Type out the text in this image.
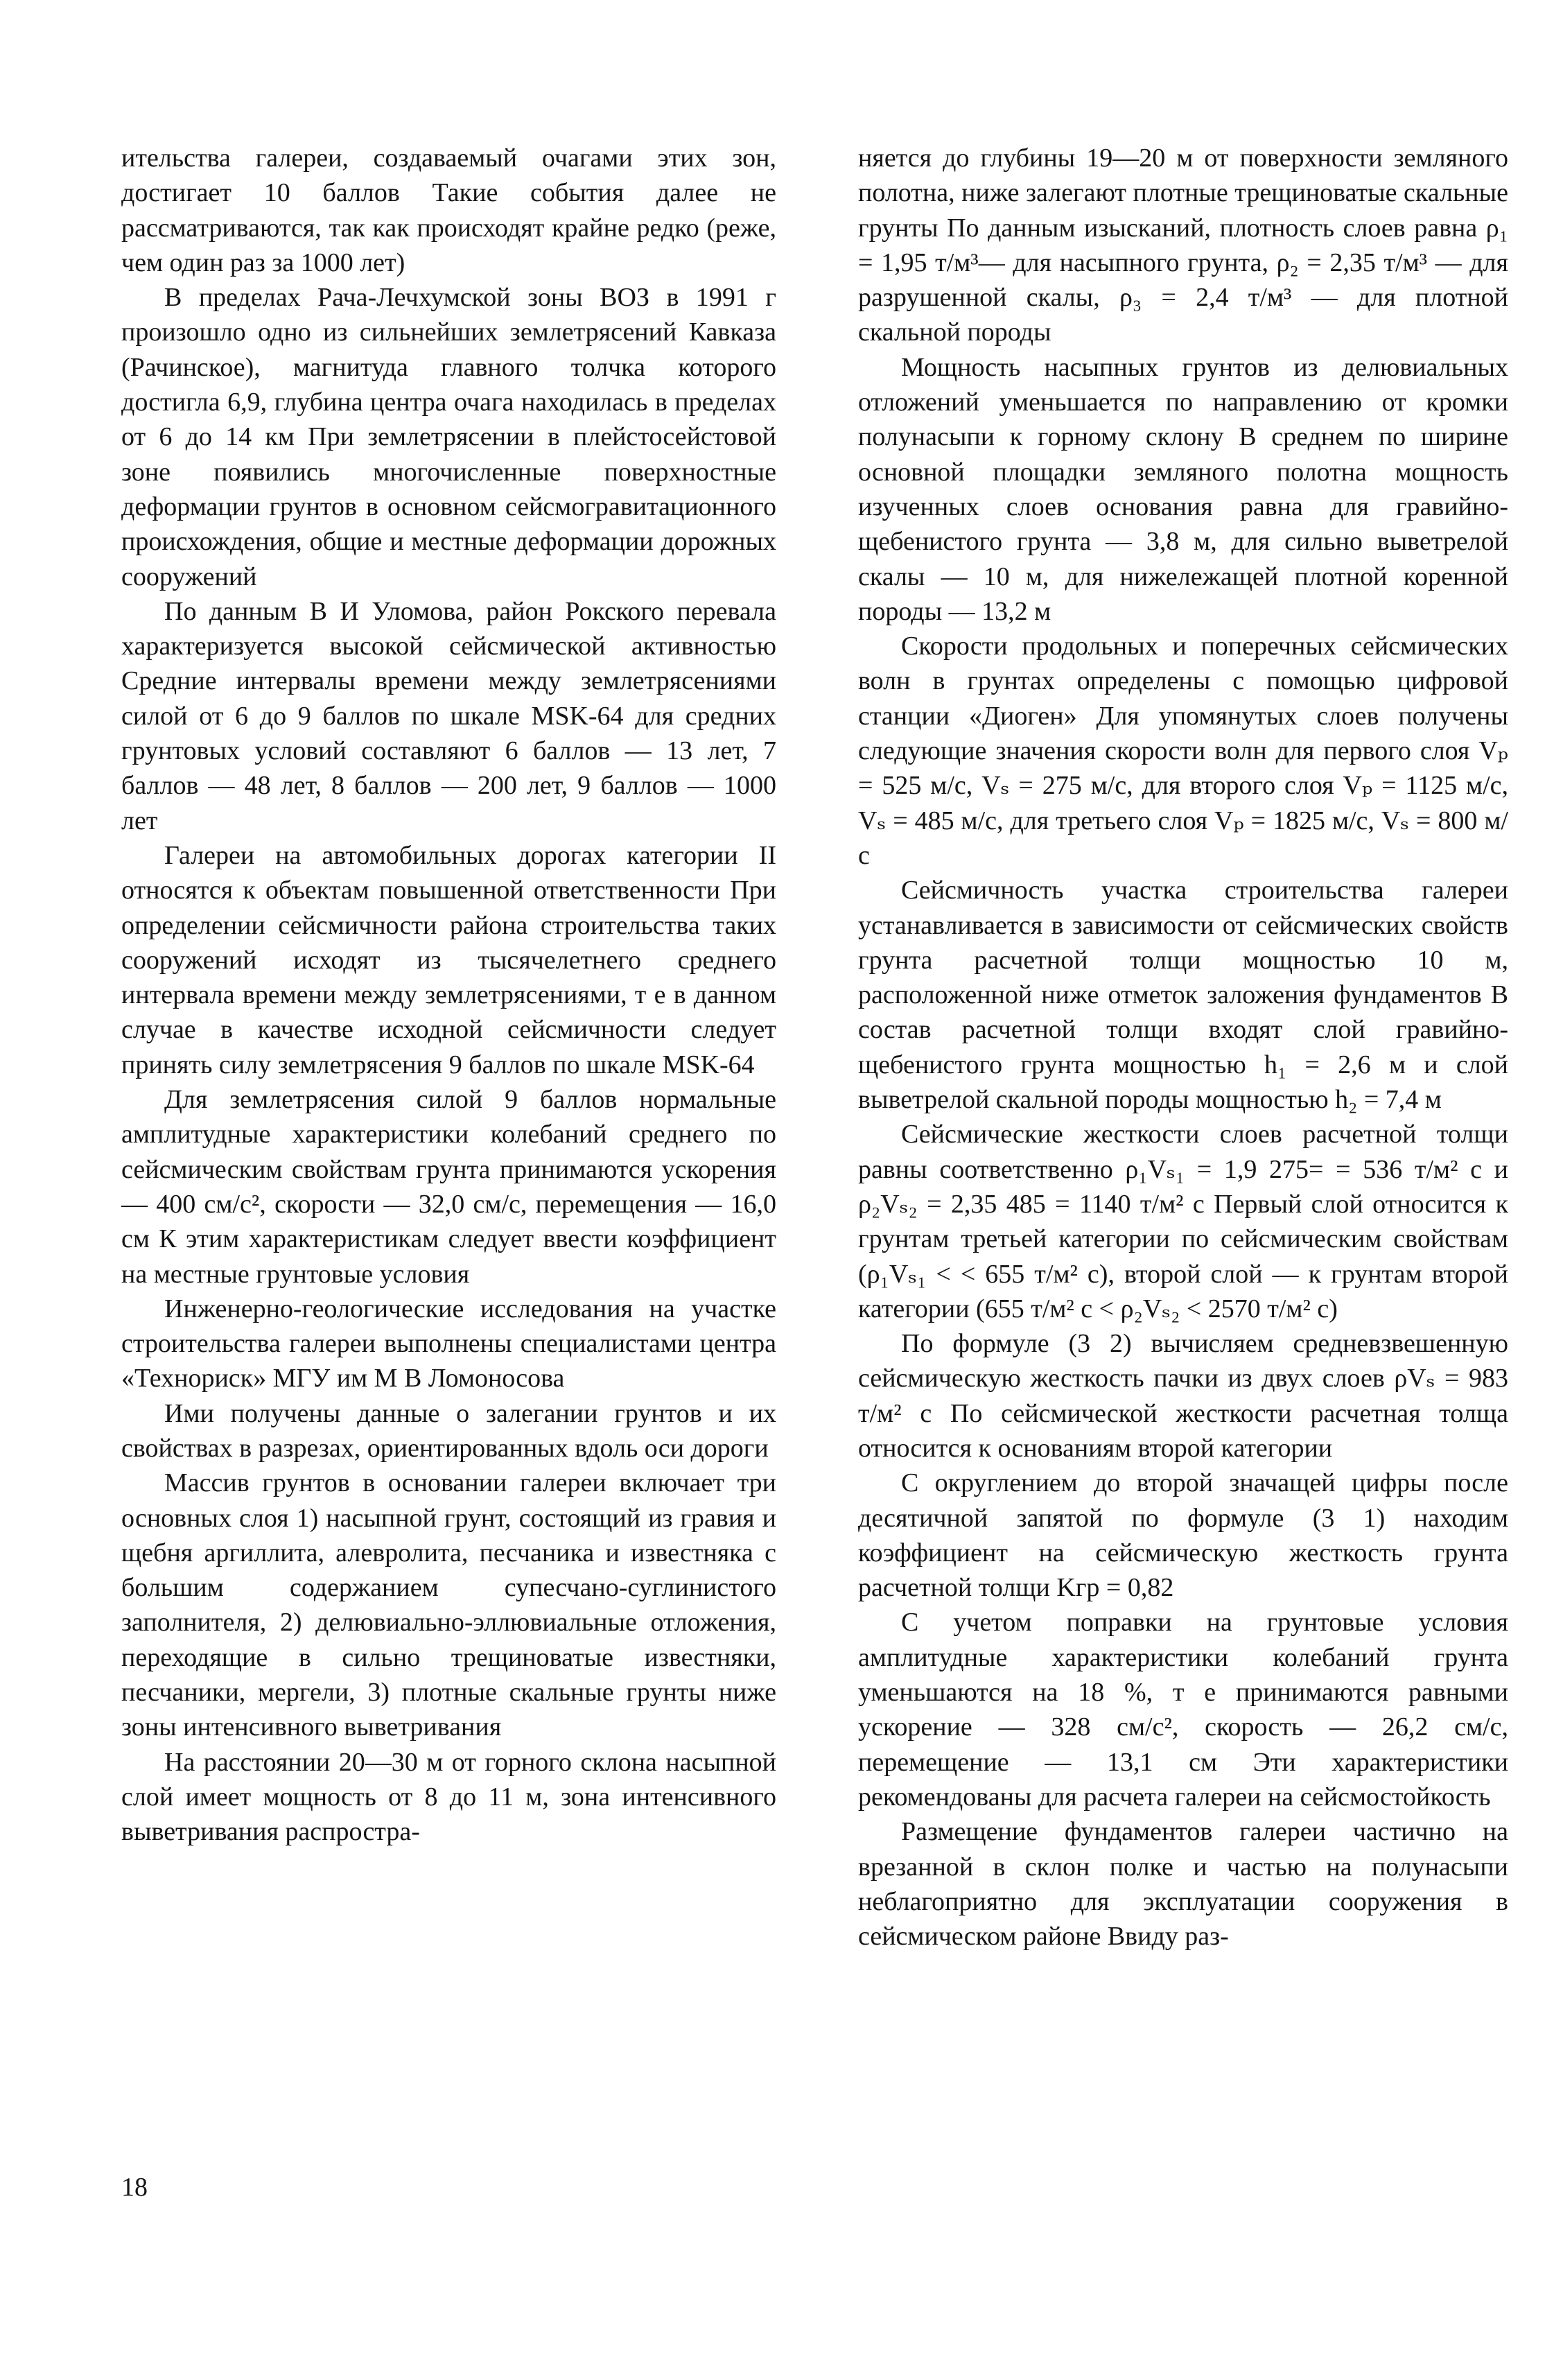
ительства галереи, создаваемый очагами этих зон, достигает 10 баллов Такие события далее не рассматриваются, так как происходят крайне редко (реже, чем один раз за 1000 лет)

В пределах Рача-Лечхумской зоны ВОЗ в 1991 г произошло одно из сильнейших землетрясений Кавказа (Рачинское), магнитуда главного толчка которого достигла 6,9, глубина центра очага находилась в пределах от 6 до 14 км При землетрясении в плейстосейстовой зоне появились многочисленные поверхностные деформации грунтов в основном сейсмогравитационного происхождения, общие и местные деформации дорожных сооружений

По данным В И Уломова, район Рокского перевала характеризуется высокой сейсмической активностью Средние интервалы времени между землетрясениями силой от 6 до 9 баллов по шкале MSK-64 для средних грунтовых условий составляют 6 баллов — 13 лет, 7 баллов — 48 лет, 8 баллов — 200 лет, 9 баллов — 1000 лет

Галереи на автомобильных дорогах категории II относятся к объектам повышенной ответственности При определении сейсмичности района строительства таких сооружений исходят из тысячелетнего среднего интервала времени между землетрясениями, т е в данном случае в качестве исходной сейсмичности следует принять силу землетрясения 9 баллов по шкале MSK-64

Для землетрясения силой 9 баллов нормальные амплитудные характеристики колебаний среднего по сейсмическим свойствам грунта принимаются ускорения — 400 см/с², скорости — 32,0 см/с, перемещения — 16,0 см К этим характеристикам следует ввести коэффициент на местные грунтовые условия

Инженерно-геологические исследования на участке строительства галереи выполнены специалистами центра «Технориск» МГУ им М В Ломоносова

Ими получены данные о залегании грунтов и их свойствах в разрезах, ориентированных вдоль оси дороги

Массив грунтов в основании галереи включает три основных слоя 1) насыпной грунт, состоящий из гравия и щебня аргиллита, алевролита, песчаника и известняка с большим содержанием супесчано-суглинистого заполнителя, 2) делювиально-эллювиальные отложения, переходящие в сильно трещиноватые известняки, песчаники, мергели, 3) плотные скальные грунты ниже зоны интенсивного выветривания

На расстоянии 20—30 м от горного склона насыпной слой имеет мощность от 8 до 11 м, зона интенсивного выветривания распростра-

няется до глубины 19—20 м от поверхности земляного полотна, ниже залегают плотные трещиноватые скальные грунты По данным изысканий, плотность слоев равна ρ₁ = 1,95 т/м³— для насыпного грунта, ρ₂ = 2,35 т/м³ — для разрушенной скалы, ρ₃ = 2,4 т/м³ — для плотной скальной породы

Мощность насыпных грунтов из делювиальных отложений уменьшается по направлению от кромки полунасыпи к горному склону В среднем по ширине основной площадки земляного полотна мощность изученных слоев основания равна для гравийно-щебенистого грунта — 3,8 м, для сильно выветрелой скалы — 10 м, для нижележащей плотной коренной породы — 13,2 м

Скорости продольных и поперечных сейсмических волн в грунтах определены с помощью цифровой станции «Диоген» Для упомянутых слоев получены следующие значения скорости волн для первого слоя Vₚ = 525 м/с, Vₛ = 275 м/с, для второго слоя Vₚ = 1125 м/с, Vₛ = 485 м/с, для третьего слоя Vₚ = 1825 м/с, Vₛ = 800 м/с

Сейсмичность участка строительства галереи устанавливается в зависимости от сейсмических свойств грунта расчетной толщи мощностью 10 м, расположенной ниже отметок заложения фундаментов В состав расчетной толщи входят слой гравийно-щебенистого грунта мощностью h₁ = 2,6 м и слой выветрелой скальной породы мощностью h₂ = 7,4 м

Сейсмические жесткости слоев расчетной толщи равны соответственно ρ₁Vₛ₁ = 1,9 275= = 536 т/м² с и ρ₂Vₛ₂ = 2,35 485 = 1140 т/м² с Первый слой относится к грунтам третьей категории по сейсмическим свойствам (ρ₁Vₛ₁ < < 655 т/м² с), второй слой — к грунтам второй категории (655 т/м² с < ρ₂Vₛ₂ < 2570 т/м² с)

По формуле (3 2) вычисляем средневзвешенную сейсмическую жесткость пачки из двух слоев ρVₛ = 983 т/м² с По сейсмической жесткости расчетная толща относится к основаниям второй категории

С округлением до второй значащей цифры после десятичной запятой по формуле (3 1) находим коэффициент на сейсмическую жесткость грунта расчетной толщи Kгр = 0,82

С учетом поправки на грунтовые условия амплитудные характеристики колебаний грунта уменьшаются на 18 %, т е принимаются равными ускорение — 328 см/с², скорость — 26,2 см/с, перемещение — 13,1 см Эти характеристики рекомендованы для расчета галереи на сейсмостойкость

Размещение фундаментов галереи частично на врезанной в склон полке и частью на полунасыпи неблагоприятно для эксплуатации сооружения в сейсмическом районе Ввиду раз-

18
